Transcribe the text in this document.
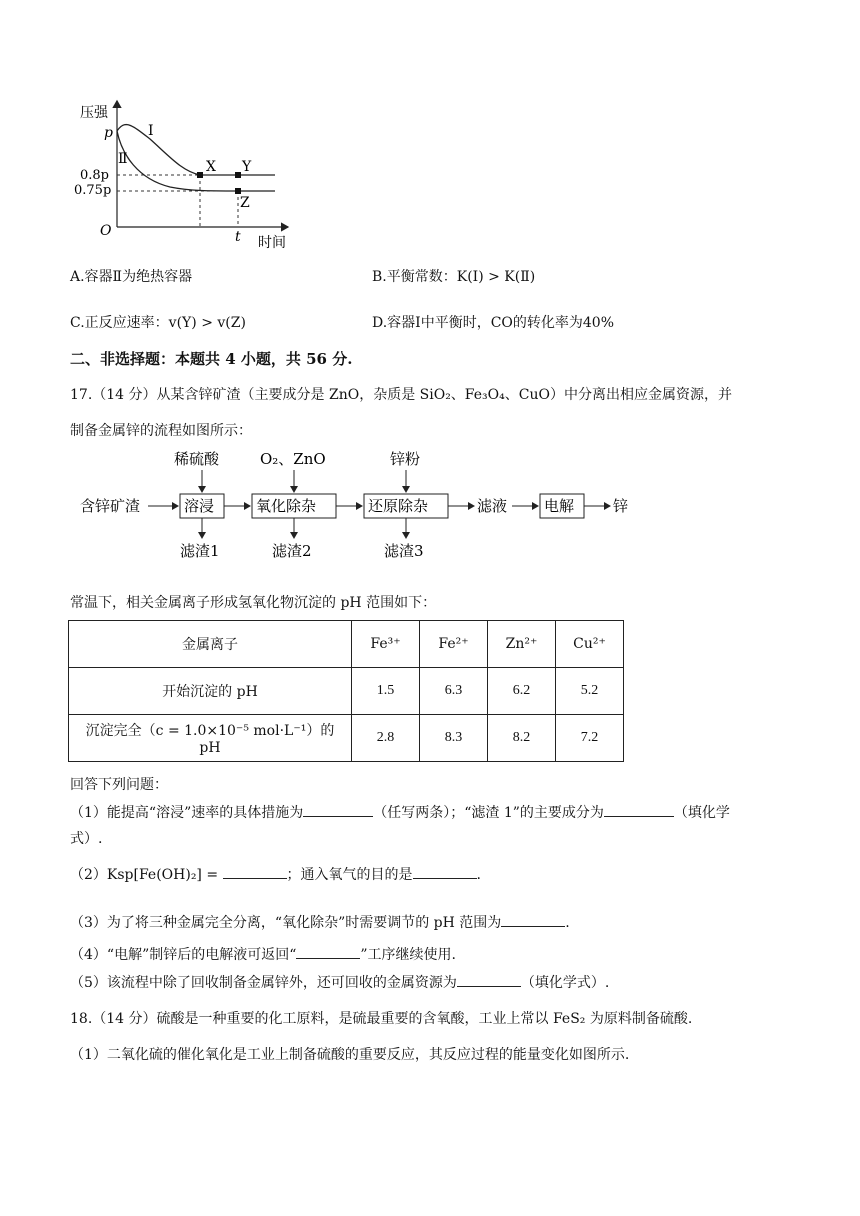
压强
p
0.8p
0.75p
O	t 时间
Ⅰ
Ⅱ	X Y
Z
A.容器Ⅱ为绝热容器	B.平衡常数：K(Ⅰ) > K(Ⅱ)
C.正反应速率：v(Y) > v(Z)	D.容器Ⅰ中平衡时，CO的转化率为40%
二、非选择题：本题共 4 小题，共 56 分.
17.（14 分）从某含锌矿渣（主要成分是 ZnO，杂质是 SiO₂、Fe₃O₄、CuO）中分离出相应金属资源，并
制备金属锌的流程如图所示：
含锌矿渣	溶浸	氧化除杂	还原除杂	滤液 电解	锌
稀硫酸	O₂、ZnO	锌粉
滤渣1	滤渣2	滤渣3
常温下，相关金属离子形成氢氧化物沉淀的 pH 范围如下：
金属离子	Fe³⁺	Fe²⁺	Zn²⁺	Cu²⁺
开始沉淀的 pH	1.5	6.3	6.2	5.2
沉淀完全（c = 1.0×10⁻⁵ mol·L⁻¹）的 pH	2.8	8.3	8.2	7.2
回答下列问题：
（1）能提高“溶浸”速率的具体措施为	（任写两条）；“滤渣 1”的主要成分为	（填化学
式）.
（2）Ksp[Fe(OH)₂] =	；通入氧气的目的是	.
（3）为了将三种金属完全分离，“氧化除杂”时需要调节的 pH 范围为	.
（4）“电解”制锌后的电解液可返回“	”工序继续使用.
（5）该流程中除了回收制备金属锌外，还可回收的金属资源为	（填化学式）.
18.（14 分）硫酸是一种重要的化工原料，是硫最重要的含氧酸，工业上常以 FeS₂ 为原料制备硫酸.
（1）二氧化硫的催化氧化是工业上制备硫酸的重要反应，其反应过程的能量变化如图所示.
